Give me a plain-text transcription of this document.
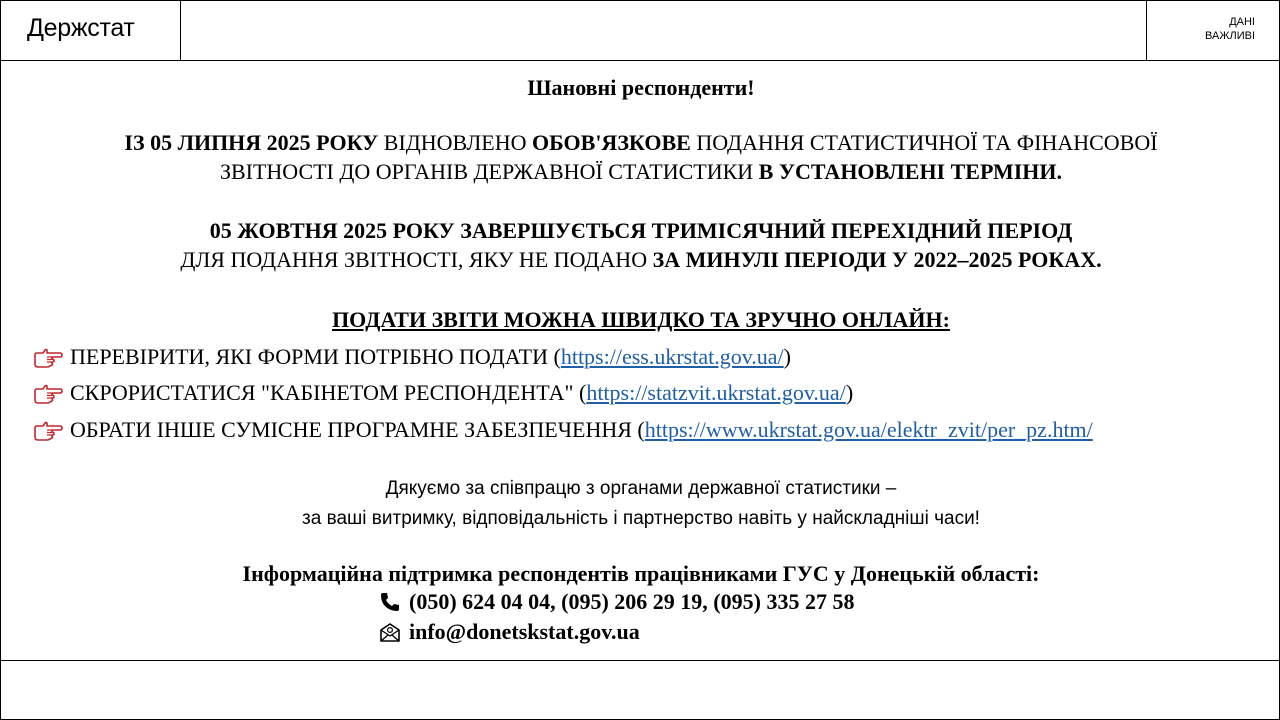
Держстат	ДАНІ
ВАЖЛИВІ
Шановні респонденти!
ІЗ 05 ЛИПНЯ 2025 РОКУ ВІДНОВЛЕНО ОБОВ'ЯЗКОВЕ ПОДАННЯ СТАТИСТИЧНОЇ ТА ФІНАНСОВОЇ
ЗВІТНОСТІ ДО ОРГАНІВ ДЕРЖАВНОЇ СТАТИСТИКИ В УСТАНОВЛЕНІ ТЕРМІНИ.
05 ЖОВТНЯ 2025 РОКУ ЗАВЕРШУЄТЬСЯ ТРИМІСЯЧНИЙ ПЕРЕХІДНИЙ ПЕРІОД
ДЛЯ ПОДАННЯ ЗВІТНОСТІ, ЯКУ НЕ ПОДАНО ЗА МИНУЛІ ПЕРІОДИ У 2022–2025 РОКАХ.
ПОДАТИ ЗВІТИ МОЖНА ШВИДКО ТА ЗРУЧНО ОНЛАЙН:
ПЕРЕВІРИТИ, ЯКІ ФОРМИ ПОТРІБНО ПОДАТИ ( https://ess.ukrstat.gov.ua/ )
СКРОРИСТАТИСЯ "КАБІНЕТОМ РЕСПОНДЕНТА" ( https://statzvit.ukrstat.gov.ua/ )
ОБРАТИ ІНШЕ СУМІСНЕ ПРОГРАМНЕ ЗАБЕЗПЕЧЕННЯ ( https://www.ukrstat.gov.ua/elektr_zvit/per_pz.htm/
Дякуємо за співпрацю з органами державної статистики –
за ваші витримку, відповідальність і партнерство навіть у найскладніші часи!
Інформаційна підтримка респондентів працівниками ГУС у Донецькій області:
(050) 624 04 04, (095) 206 29 19, (095) 335 27 58
info@donetskstat.gov.ua
